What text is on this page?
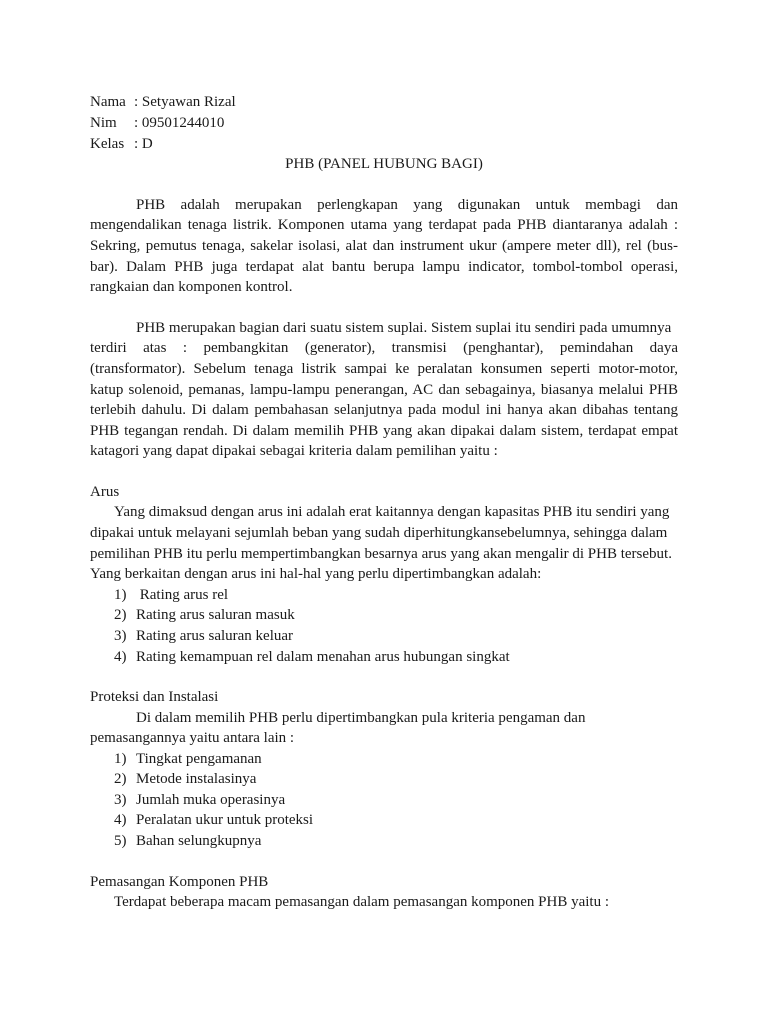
Nama : Setyawan Rizal
Nim : 09501244010
Kelas : D
PHB (PANEL HUBUNG BAGI)
PHB adalah merupakan perlengkapan yang digunakan untuk membagi dan
mengendalikan tenaga listrik. Komponen utama yang terdapat pada PHB diantaranya adalah :
Sekring, pemutus tenaga, sakelar isolasi, alat dan instrument ukur (ampere meter dll), rel (bus-
bar). Dalam PHB juga terdapat alat bantu berupa lampu indicator, tombol-tombol operasi,
rangkaian dan komponen kontrol.
PHB merupakan bagian dari suatu sistem suplai. Sistem suplai itu sendiri pada umumnya
terdiri atas : pembangkitan (generator), transmisi (penghantar), pemindahan daya
(transformator). Sebelum tenaga listrik sampai ke peralatan konsumen seperti motor-motor,
katup solenoid, pemanas, lampu-lampu penerangan, AC dan sebagainya, biasanya melalui PHB
terlebih dahulu. Di dalam pembahasan selanjutnya pada modul ini hanya akan dibahas tentang
PHB tegangan rendah. Di dalam memilih PHB yang akan dipakai dalam sistem, terdapat empat
katagori yang dapat dipakai sebagai kriteria dalam pemilihan yaitu :
Arus
Yang dimaksud dengan arus ini adalah erat kaitannya dengan kapasitas PHB itu sendiri yang
dipakai untuk melayani sejumlah beban yang sudah diperhitungkansebelumnya, sehingga dalam
pemilihan PHB itu perlu mempertimbangkan besarnya arus yang akan mengalir di PHB tersebut.
Yang berkaitan dengan arus ini hal-hal yang perlu dipertimbangkan adalah:
1) Rating arus rel
2) Rating arus saluran masuk
3) Rating arus saluran keluar
4) Rating kemampuan rel dalam menahan arus hubungan singkat
Proteksi dan Instalasi
Di dalam memilih PHB perlu dipertimbangkan pula kriteria pengaman dan
pemasangannya yaitu antara lain :
1) Tingkat pengamanan
2) Metode instalasinya
3) Jumlah muka operasinya
4) Peralatan ukur untuk proteksi
5) Bahan selungkupnya
Pemasangan Komponen PHB
Terdapat beberapa macam pemasangan dalam pemasangan komponen PHB yaitu :
